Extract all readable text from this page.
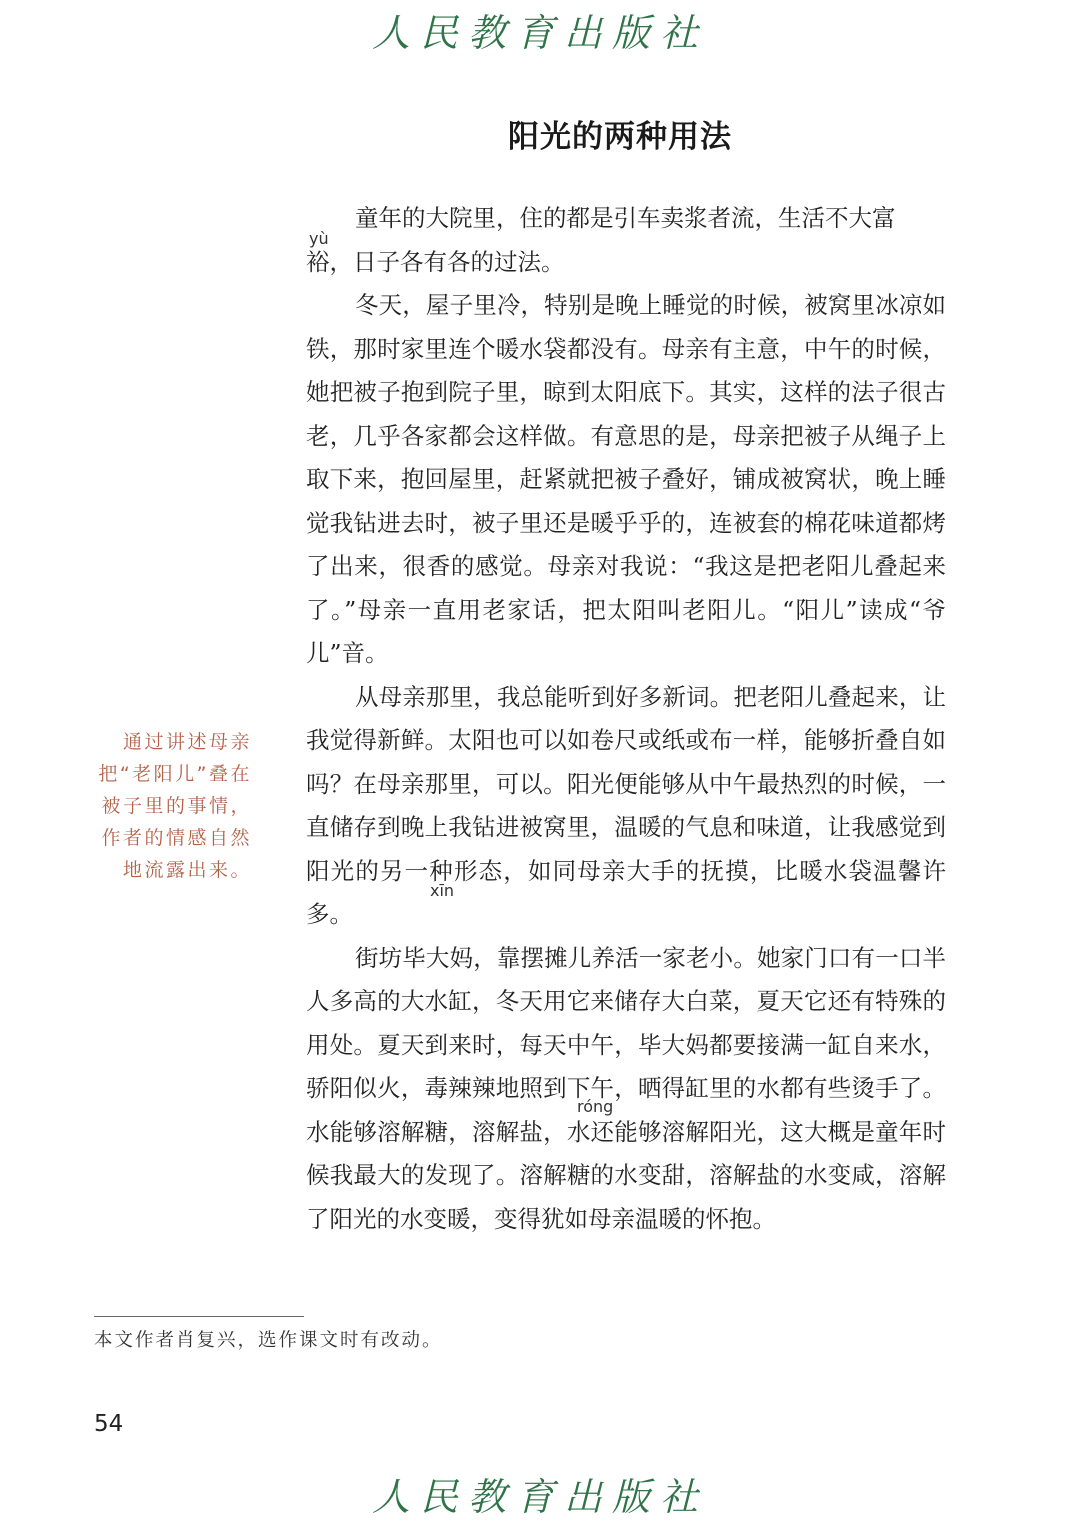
人民教育出版社
阳光的两种用法
yù
xīn
róng

童年的大院里，住的都是引车卖浆者流，生活不大富

裕，日子各有各的过法。

冬天，屋子里冷，特别是晚上睡觉的时候，被窝里冰凉如铁，那时家里连个暖水袋都没有。母亲有主意，中午的时候，她把被子抱到院子里，晾到太阳底下。其实，这样的法子很古老，几乎各家都会这样做。有意思的是，母亲把被子从绳子上取下来，抱回屋里，赶紧就把被子叠好，铺成被窝状，晚上睡觉我钻进去时，被子里还是暖乎乎的，连被套的棉花味道都烤了出来，很香的感觉。母亲对我说：“我这是把老阳儿叠起来了。”母亲一直用老家话，把太阳叫老阳儿。“阳儿”读成“爷儿”音。

从母亲那里，我总能听到好多新词。把老阳儿叠起来，让我觉得新鲜。太阳也可以如卷尺或纸或布一样，能够折叠自如吗？在母亲那里，可以。阳光便能够从中午最热烈的时候，一直储存到晚上我钻进被窝里，温暖的气息和味道，让我感觉到阳光的另一种形态，如同母亲大手的抚摸，比暖水袋温馨许多。

街坊毕大妈，靠摆摊儿养活一家老小。她家门口有一口半人多高的大水缸，冬天用它来储存大白菜，夏天它还有特殊的用处。夏天到来时，每天中午，毕大妈都要接满一缸自来水，骄阳似火，毒辣辣地照到下午，晒得缸里的水都有些烫手了。水能够溶解糖，溶解盐，水还能够溶解阳光，这大概是童年时候我最大的发现了。溶解糖的水变甜，溶解盐的水变咸，溶解了阳光的水变暖，变得犹如母亲温暖的怀抱。

通过讲述母亲把“老阳儿”叠在被子里的事情，作者的情感自然地流露出来。

本文作者肖复兴，选作课文时有改动。

54
人民教育出版社
